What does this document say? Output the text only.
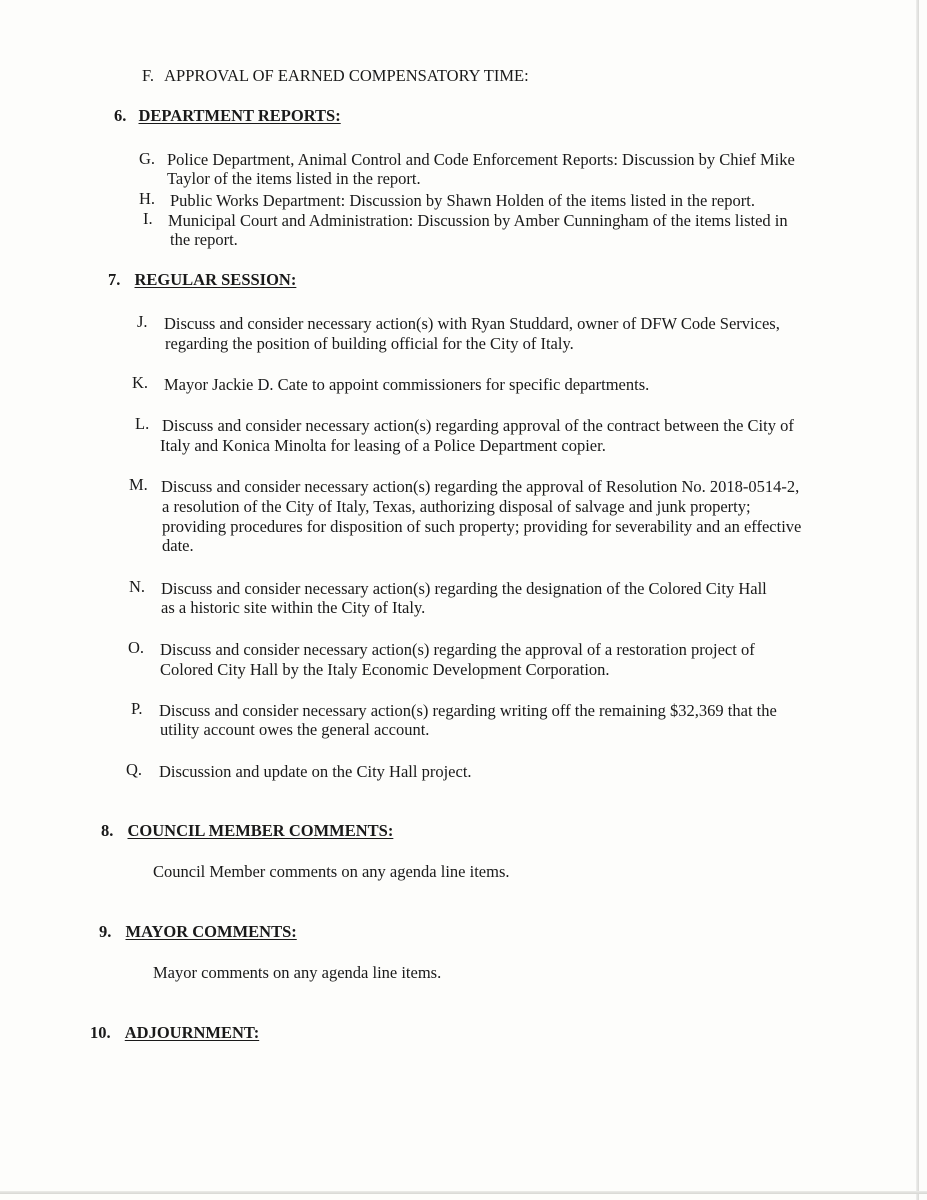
F. APPROVAL OF EARNED COMPENSATORY TIME:
6. DEPARTMENT REPORTS:
G. Police Department, Animal Control and Code Enforcement Reports: Discussion by Chief Mike
Taylor of the items listed in the report.
H. Public Works Department: Discussion by Shawn Holden of the items listed in the report.
I. Municipal Court and Administration: Discussion by Amber Cunningham of the items listed in
the report.
7. REGULAR SESSION:
J. Discuss and consider necessary action(s) with Ryan Studdard, owner of DFW Code Services,
regarding the position of building official for the City of Italy.
K. Mayor Jackie D. Cate to appoint commissioners for specific departments.
L. Discuss and consider necessary action(s) regarding approval of the contract between the City of
Italy and Konica Minolta for leasing of a Police Department copier.
M. Discuss and consider necessary action(s) regarding the approval of Resolution No. 2018-0514-2,
a resolution of the City of Italy, Texas, authorizing disposal of salvage and junk property;
providing procedures for disposition of such property; providing for severability and an effective
date.
N. Discuss and consider necessary action(s) regarding the designation of the Colored City Hall
as a historic site within the City of Italy.
O. Discuss and consider necessary action(s) regarding the approval of a restoration project of
Colored City Hall by the Italy Economic Development Corporation.
P. Discuss and consider necessary action(s) regarding writing off the remaining $32,369 that the
utility account owes the general account.
Q. Discussion and update on the City Hall project.
8. COUNCIL MEMBER COMMENTS:
Council Member comments on any agenda line items.
9. MAYOR COMMENTS:
Mayor comments on any agenda line items.
10. ADJOURNMENT:
